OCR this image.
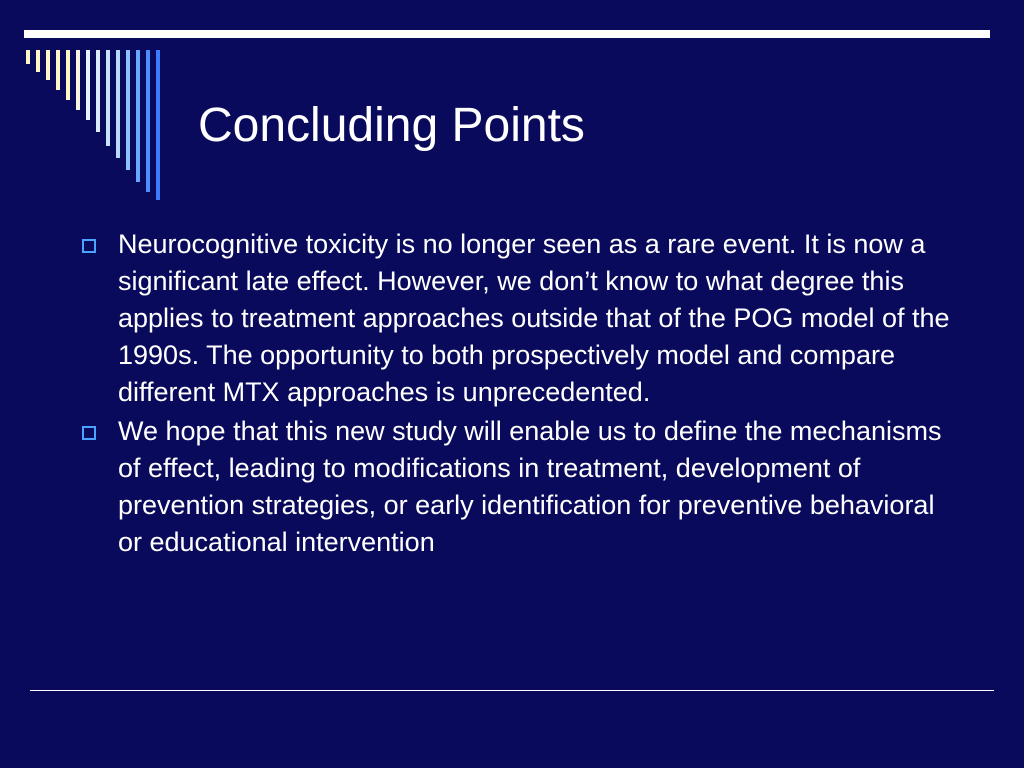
Concluding Points
Neurocognitive toxicity is no longer seen as a rare event. It is now a significant late effect. However, we don’t know to what degree this applies to treatment approaches outside that of the POG model of the 1990s. The opportunity to both prospectively model and compare different MTX approaches is unprecedented.
We hope that this new study will enable us to define the mechanisms of effect, leading to modifications in treatment, development of prevention strategies, or early identification for preventive behavioral or educational intervention
